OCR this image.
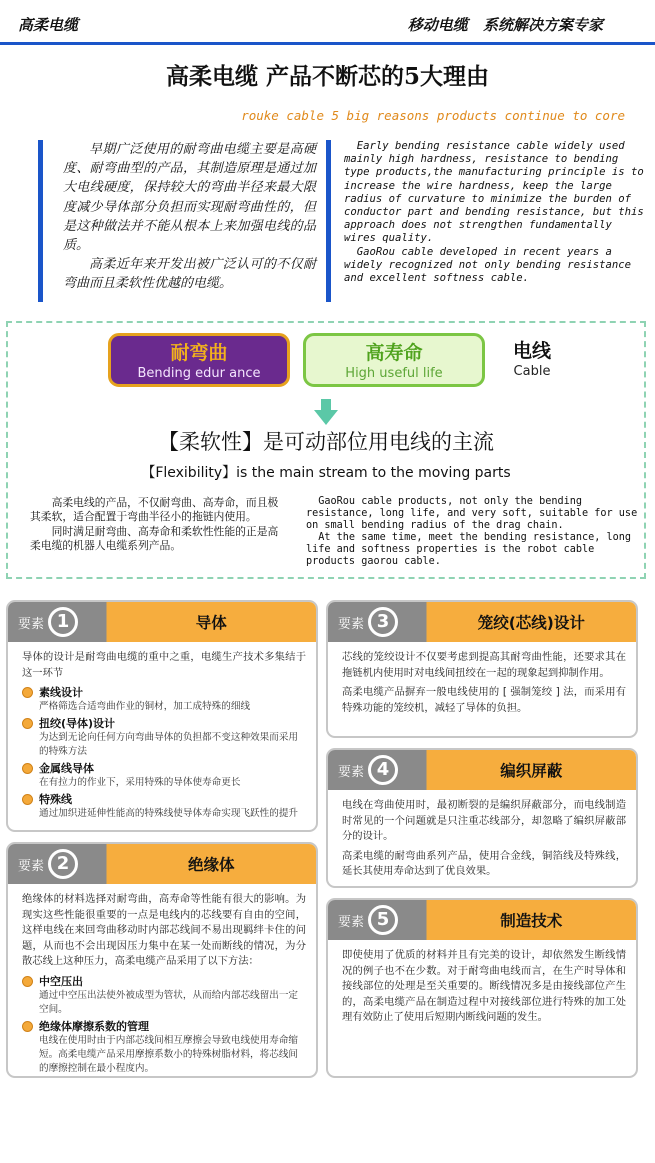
高柔电缆	移动电缆 系统解决方案专家
高柔电缆 产品不断芯的5大理由
rouke cable 5 big reasons products continue to core

早期广泛使用的耐弯曲电缆主要是高硬度、耐弯曲型的产品，其制造原理是通过加大电线硬度，保持较大的弯曲半径来最大限度减少导体部分负担而实现耐弯曲性的，但是这种做法并不能从根本上来加强电线的品质。

高柔近年来开发出被广泛认可的不仅耐弯曲而且柔软性优越的电缆。

Early bending resistance cable widely used mainly high hardness, resistance to bending type products,the manufacturing principle is to increase the wire hardness, keep the large radius of curvature to minimize the burden of conductor part and bending resistance, but this approach does not strengthen fundamentally wires quality.

GaoRou cable developed in recent years a widely recognized not only bending resistance and excellent softness cable.

耐弯曲
Bending edur ance
高寿命
High useful life
电线
Cable
【柔软性】是可动部位用电线的主流
【Flexibility】is the main stream to the moving parts

高柔电线的产品，不仅耐弯曲、高寿命，而且极其柔软，适合配置于弯曲半径小的拖链内使用。

同时满足耐弯曲、高寿命和柔软性性能的正是高柔电缆的机器人电缆系列产品。

GaoRou cable products, not only the bending resistance, long life, and very soft, suitable for use on small bending radius of the drag chain.

At the same time, meet the bending resistance, long life and softness properties is the robot cable products gaorou cable.

要素 1	导体

导体的设计是耐弯曲电缆的重中之重，电缆生产技术多集结于这一环节

素线设计
严格筛选合适弯曲作业的铜材，加工成特殊的细线
扭绞(导体)设计
为达到无论向任何方向弯曲导体的负担都不变这种效果而采用的特殊方法
金属线导体
在有拉力的作业下，采用特殊的导体使寿命更长
特殊线
通过加织进延伸性能高的特殊线使导体寿命实现飞跃性的提升
要素 2	绝缘体

绝缘体的材料选择对耐弯曲，高寿命等性能有很大的影响。为现实这些性能很重要的一点是电线内的芯线要有自由的空间，这样电线在来回弯曲移动时内部芯线间不易出现羁绊卡住的问题，从而也不会出现因压力集中在某一处而断线的情况，为分散芯线上这种压力，高柔电缆产品采用了以下方法：

中空压出
通过中空压出法使外被成型为管状，从而给内部芯线留出一定空间。
绝缘体摩擦系数的管理
电线在使用时由于内部芯线间相互摩擦会导致电线使用寿命缩短。高柔电缆产品采用摩擦系数小的特殊树脂材料，将芯线间的摩擦控制在最小程度内。
要素 3	笼绞(芯线)设计

芯线的笼绞设计不仅要考虑到提高其耐弯曲性能，还要求其在拖链机内使用时对电线间扭绞在一起的现象起到抑制作用。

高柔电缆产品摒弃一般电线使用的 [ 强制笼绞 ] 法，而采用有特殊功能的笼绞机，减轻了导体的负担。

要素 4	编织屏蔽

电线在弯曲使用时，最初断裂的是编织屏蔽部分，而电线制造时常见的一个问题就是只注重芯线部分，却忽略了编织屏蔽部分的设计。

高柔电缆的耐弯曲系列产品，使用合金线，铜箔线及特殊线，延长其使用寿命达到了优良效果。

要素 5	制造技术

即使使用了优质的材料并且有完美的设计，却依然发生断线情况的例子也不在少数。对于耐弯曲电线而言，在生产时导体和接线部位的处理是至关重要的。断线情况多是由接线部位产生的，高柔电缆产品在制造过程中对接线部位进行特殊的加工处理有效防止了使用后短期内断线问题的发生。
